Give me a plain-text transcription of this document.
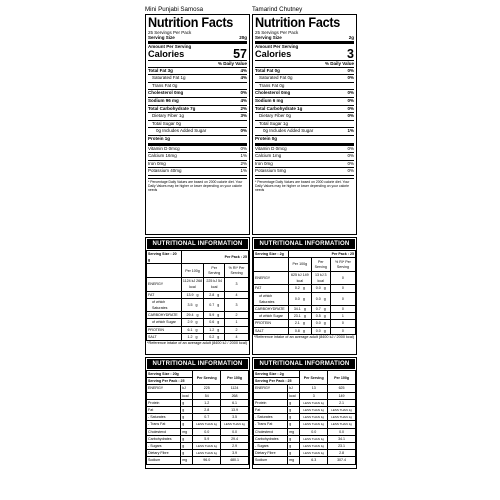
Mini Punjabi Samosa
Nutrition Facts
25 Servings Per Pack
Serving Size	20g
Amount Per Serving
Calories	57
% Daily Value
Total Fat 3g	4%
Saturated Fat 1g	4%
Trans Fat 0g
Cholesterol 0mg	0%
Sodium 96 mg	4%
Total Carbohydrate 7g	2%
Dietary Fiber 1g	3%
Total Sugar 0g
0g Includes Added Sugar	0%
Protein 1g
Vitamin D 0mcg	0%
Calcium 16mg	1%
Iron 0mg	2%
Potassium 40mg	1%
* Percentage Daily Values are based on 2000 calorie diet. Your Daily Values may be higher or lower depending on your calorie needs
NUTRITIONAL INFORMATION
Serving Size : 20 g	Per Pack : 25		
	Per 100g	Per Serving	% RI* Per Serving
ENERGY	1124 kJ 268 kcal	225 kJ 54 kcal	3
FAT	13.9 g	2.8 g	4
of which Saturates	3.5 g	0.7 g	3
CARBOHYDRATE	29.4 g	5.9 g	2
of which Sugar	2.9 g	0.6 g	1
PROTEIN	6.1 g	1.2 g	2
SALT	1.2 g	0.2 g	4
*Reference intake of an average adult (8400 kJ / 2000 kcal)
NUTRITIONAL INFORMATION
Serving Size : 20g		Per Serving	Per 100g
Serving Per Pack : 25			
ENERGY	kJ	225	1124
	kcal	54	268
Protein	g	1.2	6.1
Fat	g	2.8	13.9
- Saturates	g	0.7	3.5
- Trans Fat	g	LESS THAN 1g	LESS THAN 1g
Cholesterol	mg	0.0	0.0
Carbohydrates	g	5.9	29.4
- Sugars	g	LESS THAN 1g	2.9
Dietary Fibre	g	LESS THAN 1g	3.9
Sodium	mg	96.0	480.1
Tamarind Chutney
Nutrition Facts
25 Servings Per Pack
Serving Size	2g
Amount Per Serving
Calories	3
% Daily Value
Total Fat 0g	0%
Saturated Fat 0g	0%
Trans Fat 0g
Cholesterol 0mg	0%
Sodium 6 mg	0%
Total Carbohydrate 1g	0%
Dietary Fiber 0g	0%
Total Sugar 1g
0g Includes Added Sugar	1%
Protein 0g
Vitamin D 0mcg	0%
Calcium 1mg	0%
Iron 0mg	0%
Potassium 5mg	0%
* Percentage Daily Values are based on 2000 calorie diet. Your Daily Values may be higher or lower depending on your calorie needs
NUTRITIONAL INFORMATION
Serving Size : 2g	Per Pack : 25		
	Per 100g	Per Serving	% RI* Per Serving
ENERGY	625 kJ 149 kcal	13 kJ 3 kcal	0
FAT	0.2 g	0.0 g	0
of which Saturates	0.0 g	0.0 g	0
CARBOHYDRATE	34.1 g	0.7 g	0
of which Sugar	23.1 g	0.5 g	1
PROTEIN	2.1 g	0.0 g	0
SALT	0.8 g	0.0 g	0
*Reference intake of an average adult (8400 kJ / 2000 kcal)
NUTRITIONAL INFORMATION
Serving Size : 2g		Per Serving	Per 100g
Serving Per Pack : 25			
ENERGY	kJ	13	625
	kcal	3	149
Protein	g	LESS THAN 1g	2.1
Fat	g	LESS THAN 1g	LESS THAN 1g
- Saturates	g	LESS THAN 1g	LESS THAN 1g
- Trans Fat	g	LESS THAN 1g	LESS THAN 1g
Cholesterol	mg	0.0	0.0
Carbohydrates	g	LESS THAN 1g	34.1
- Sugars	g	LESS THAN 1g	23.1
Dietary Fibre	g	LESS THAN 1g	2.8
Sodium	mg	6.3	307.4
